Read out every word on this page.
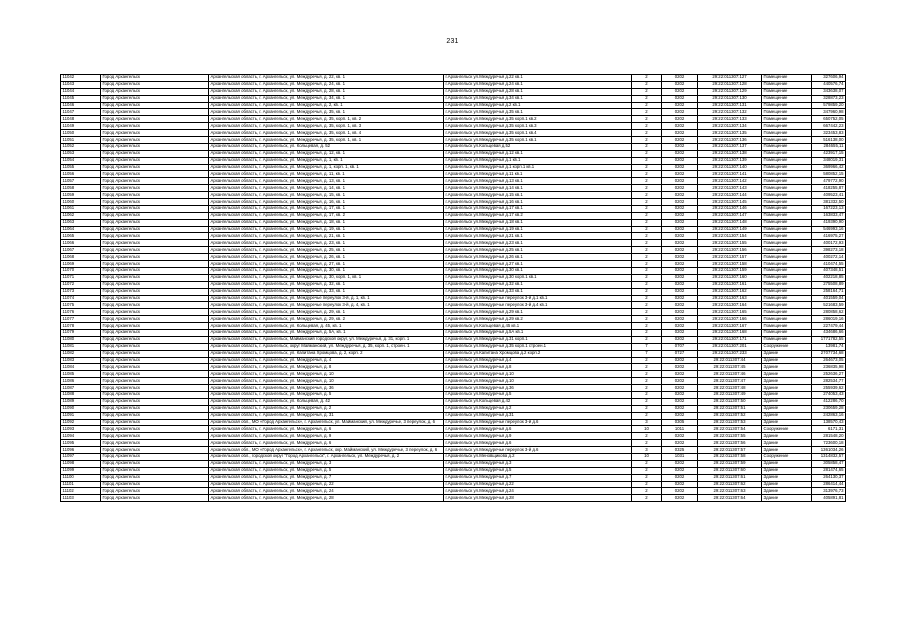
231
11042	Город Архангельск	Архангельская область, г. Архангельск, ул. Междуречья, д. 22, кв. 1	г.Архангельск ул.Междуречья д.22 кв.1	2	0202	29:22:011307:127	Помещение	327606,94
11043	Город Архангельск	Архангельская область, г. Архангельск, ул. Междуречья, д. 24, кв. 1	г.Архангельск ул.Междуречья д.24 кв.1	2	0202	29:22:011307:128	Помещение	440576,74
11044	Город Архангельск	Архангельская область, г. Архангельск, ул. Междуречья, д. 28, кв. 1	г.Архангельск ул.Междуречья д.28 кв.1	2	0202	29:22:011307:129	Помещение	343638,07
11045	Город Архангельск	Архангельская область, г. Архангельск, ул. Междуречья, д. 34, кв. 1	г.Архангельск ул.Междуречья д.34 кв.1	2	0202	29:22:011307:130	Помещение	328873,23
11046	Город Архангельск	Архангельская область, г. Архангельск, ул. Междуречья, д. 2, кв. 1	г.Архангельск ул.Междуречья д.2 кв.1	2	0202	29:22:011307:131	Помещение	579859,20
11047	Город Архангельск	Архангельская область, г. Архангельск, ул. Междуречья, д. 35, кв. 1	г.Архангельск ул.Междуречья д.35 кв.1	2	0202	29:22:011307:132	Помещение	347960,98
11048	Город Архангельск	Архангельская область, г. Архангельск, ул. Междуречья, д. 35, корп. 1, кв. 2	г.Архангельск ул.Междуречья д.35 корп.1 кв.2	2	0202	29:22:011307:133	Помещение	650752,05
11049	Город Архангельск	Архангельская область, г. Архангельск, ул. Междуречья, д. 35, корп. 1, кв. 3	г.Архангельск ул.Междуречья д.35 корп.1 кв.3	2	0202	29:22:011307:134	Помещение	667442,23
11050	Город Архангельск	Архангельская область, г. Архангельск, ул. Междуречья, д. 35, корп. 1, кв. 4	г.Архангельск ул.Междуречья д.35 корп.1 кв.4	2	0202	29:22:011307:135	Помещение	323453,83
11051	Город Архангельск	Архангельская область, г. Архангельск, ул. Междуречья, д. 35, корп. 1, кв. 1	г.Архангельск ул.Междуречья д.35 корп.1 кв.1	2	0202	29:22:011307:136	Помещение	516138,00
11052	Город Архангельск	Архангельская область, г. Архангельск, ул. Кольцевая, д. 52	г.Архангельск ул.Кольцевая д.52	2	0202	29:22:011307:137	Помещение	284655,11
11053	Город Архангельск	Архангельская область, г. Архангельск, ул. Междуречья, д. 12, кв. 1	г.Архангельск ул.Междуречья д.12 кв.1	2	0202	29:22:011307:138	Помещение	423917,15
11054	Город Архангельск	Архангельская область, г. Архангельск, ул. Междуречья, д. 1, кв. 1	г.Архангельск ул.Междуречья д.1 кв.1	2	0202	29:22:011307:139	Помещение	348019,31
11055	Город Архангельск	Архангельская область, г. Архангельск, ул. Междуречья, д. 1, корп. 1, кв. 1	г.Архангельск ул.Междуречья д.1 корп.1 кв.1	2	0202	29:22:011307:140	Помещение	369966,42
11056	Город Архангельск	Архангельская область, г. Архангельск, ул. Междуречья, д. 11, кв. 1	г.Архангельск ул.Междуречья д.11 кв.1	2	0202	29:22:011307:141	Помещение	580852,15
11057	Город Архангельск	Архангельская область, г. Архангельск, ул. Междуречья, д. 13, кв. 1	г.Архангельск ул.Междуречья д.13 кв.1	2	0202	29:22:011307:142	Помещение	479772,90
11058	Город Архангельск	Архангельская область, г. Архангельск, ул. Междуречья, д. 14, кв. 1	г.Архангельск ул.Междуречья д.14 кв.1	2	0202	29:22:011307:143	Помещение	418255,87
11059	Город Архангельск	Архангельская область, г. Архангельск, ул. Междуречья, д. 15, кв. 1	г.Архангельск ул.Междуречья д.15 кв.1	2	0202	29:22:011307:144	Помещение	409523,41
11060	Город Архангельск	Архангельская область, г. Архангельск, ул. Междуречья, д. 16, кв. 1	г.Архангельск ул.Междуречья д.16 кв.1	2	0202	29:22:011307:145	Помещение	381332,50
11061	Город Архангельск	Архангельская область, г. Архангельск, ул. Междуречья, д. 17, кв. 1	г.Архангельск ул.Междуречья д.17 кв.1	2	0202	29:22:011307:146	Помещение	167223,13
11062	Город Архангельск	Архангельская область, г. Архангельск, ул. Междуречья, д. 17, кв. 2	г.Архангельск ул.Междуречья д.17 кв.2	2	0202	29:22:011307:147	Помещение	163833,47
11063	Город Архангельск	Архангельская область, г. Архангельск, ул. Междуречья, д. 18, кв. 1	г.Архангельск ул.Междуречья д.18 кв.1	2	0202	29:22:011307:148	Помещение	419390,90
11064	Город Архангельск	Архангельская область, г. Архангельск, ул. Междуречья, д. 19, кв. 1	г.Архангельск ул.Междуречья д.19 кв.1	2	0202	29:22:011307:149	Помещение	546993,16
11065	Город Архангельск	Архангельская область, г. Архангельск, ул. Междуречья, д. 21, кв. 1	г.Архангельск ул.Междуречья д.21 кв.1	2	0202	29:22:011307:154	Помещение	416975,27
11066	Город Архангельск	Архангельская область, г. Архангельск, ул. Междуречья, д. 23, кв. 1	г.Архангельск ул.Междуречья д.23 кв.1	2	0202	29:22:011307:155	Помещение	400172,93
11067	Город Архангельск	Архангельская область, г. Архангельск, ул. Междуречья, д. 25, кв. 1	г.Архангельск ул.Междуречья д.25 кв.1	2	0202	29:22:011307:156	Помещение	398273,18
11068	Город Архангельск	Архангельская область, г. Архангельск, ул. Междуречья, д. 26, кв. 1	г.Архангельск ул.Междуречья д.26 кв.1	2	0202	29:22:011307:157	Помещение	400272,14
11069	Город Архангельск	Архангельская область, г. Архангельск, ул. Междуречья, д. 27, кв. 1	г.Архангельск ул.Междуречья д.27 кв.1	2	0202	29:22:011307:158	Помещение	410474,55
11070	Город Архангельск	Архангельская область, г. Архангельск, ул. Междуречья, д. 30, кв. 1	г.Архангельск ул.Междуречья д.30 кв.1	2	0202	29:22:011307:159	Помещение	407348,51
11071	Город Архангельск	Архангельская область, г. Архангельск, ул. Междуречья, д. 30, корп. 1, кв. 1	г.Архангельск ул.Междуречья д.30 корп.1 кв.1	2	0202	29:22:011307:160	Помещение	402218,85
11072	Город Архангельск	Архангельская область, г. Архангельск, ул. Междуречья, д. 32, кв. 1	г.Архангельск ул.Междуречья д.32 кв.1	2	0202	29:22:011307:161	Помещение	275508,89
11073	Город Архангельск	Архангельская область, г. Архангельск, ул. Междуречья, д. 33, кв. 1	г.Архангельск ул.Междуречья д.33 кв.1	2	0202	29:22:011307:162	Помещение	258164,71
11074	Город Архангельск	Архангельская область, г. Архангельск, ул. Междуречье переулок 3-й, д. 1, кв. 1	г.Архангельск ул.Междуречье переулок 3-й д.1 кв.1	2	0202	29:22:011307:163	Помещение	401559,04
11075	Город Архангельск	Архангельская область, г. Архангельск, ул. Междуречье переулок 3-й, д. 4, кв. 1	г.Архангельск ул.Междуречье переулок 3-й д.4 кв.1	2	0202	29:22:011307:164	Помещение	521683,59
11076	Город Архангельск	Архангельская область, г. Архангельск, ул. Междуречья, д. 29, кв. 1	г.Архангельск ул.Междуречья д.29 кв.1	2	0202	29:22:011307:165	Помещение	280858,62
11077	Город Архангельск	Архангельская область, г. Архангельск, ул. Междуречья, д. 29, кв. 2	г.Архангельск ул.Междуречья д.29 кв.2	2	0202	29:22:011307:166	Помещение	286019,16
11078	Город Архангельск	Архангельская область, г. Архангельск, ул. Кольцевая, д. 45, кв. 1	г.Архангельск ул.Кольцевая д.45 кв.1	2	0202	29:22:011307:167	Помещение	227479,44
11079	Город Архангельск	Архангельская область, г. Архангельск, ул. Междуречья, д. 5А, кв. 1	г.Архангельск ул.Междуречья д.5А кв.1	2	0202	29:22:011307:168	Помещение	434686,66
11080	Город Архангельск	Архангельская область, г. Архангельск, Майманский городской округ, ул. Междуречья, д. 31, корп. 1	г.Архангельск ул.Междуречья д.31 корп.1	2	0202	29:22:011307:171	Помещение	1771782,55
11081	Город Архангельск	Архангельская область, г. Архангельск, округ Майманский, ул. Междуречья, д. 35, корп. 1, строен. 1	г.Архангельск ул.Междуречья д.35 корп.1 строен.1	7	0707	29:22:011307:201	Сооружение	13981,74
11082	Город Архангельск	Архангельская область, г. Архангельск, ул. Капитана Хромцова, д. 2, корп. 2	г.Архангельск ул.Капитана Хромцова д.2 корп.2	7	0727	29:22:011307:233	Здание	2707734,68
11083	Город Архангельск	Архангельская область, г. Архангельск, ул. Междуречья, д. 4	г.Архангельск ул.Междуречья д.4	2	0202	29:22:011307:44	Здание	264673,05
11084	Город Архангельск	Архангельская область, г. Архангельск, ул. Междуречья, д. 8	г.Архангельск ул.Междуречья д.8	2	0202	29:22:011307:45	Здание	236835,98
11085	Город Архангельск	Архангельская область, г. Архангельск, ул. Междуречья, д. 10	г.Архангельск ул.Междуречья д.10	2	0202	29:22:011307:46	Здание	252636,27
11086	Город Архангельск	Архангельская область, г. Архангельск, ул. Междуречья, д. 10	г.Архангельск ул.Междуречья д.10	2	0202	29:22:011307:47	Здание	282534,77
11087	Город Архангельск	Архангельская область, г. Архангельск, ул. Междуречья, д. 36	г.Архангельск ул.Междуречья д.36	2	0202	29:22:011307:48	Здание	255939,62
11088	Город Архангельск	Архангельская область, г. Архангельск, ул. Междуречья, д. 5	г.Архангельск ул.Междуречья д.5	2	0202	29:22:011307:49	Здание	274053,43
11089	Город Архангельск	Архангельская область, г. Архангельск, ул. Кольцевая, д. 42	г.Архангельск ул.Кольцевая д.42	2	0202	29:22:011307:50	Здание	412286,70
11090	Город Архангельск	Архангельская область, г. Архангельск, ул. Междуречья, д. 2	г.Архангельск ул.Междуречья д.2	2	0202	29:22:011307:51	Здание	230659,28
11091	Город Архангельск	Архангельская область, г. Архангельск, ул. Междуречья, д. 31	г.Архангельск ул.Междуречья д.31	2	0202	29:22:011307:52	Здание	242863,16
11092	Город Архангельск	Архангельская обл., МО «Город Архангельск», г. Архангельск, ул. Майманский, ул. Междуречье, 3 переулок, д. 6	г.Архангельск ул.Междуречье переулок 3-й д.6	3	0305	29:22:011307:53	Здание	138570,43
11093	Город Архангельск	Архангельская область, г. Архангельск, ул. Междуречья, д. 6	г.Архангельск ул.Междуречья д.6	10	1011	29:22:011307:54	Сооружение	6171,31
11094	Город Архангельск	Архангельская область, г. Архангельск, ул. Междуречья, д. 9	г.Архангельск ул.Междуречья д.9	2	0202	29:22:011307:55	Здание	281548,20
11095	Город Архангельск	Архангельская область, г. Архангельск, ул. Междуречья, д. 6	г.Архангельск ул.Междуречья д.6	2	0202	29:22:011307:56	Здание	723600,18
11096	Город Архангельск	Архангельская обл., МО «Город Архангельск», г. Архангельск, окр. Майманский, ул. Междуречье, 3 переулок, д. 6	г.Архангельск ул.Междуречье переулок 3-й д.6	3	0325	29:22:011307:57	Здание	1361034,26
11097	Город Архангельск	Архангельская обл., городской округ "Город Архангельск", г. Архангельск, ул. Междуречья, д. 2	г.Архангельск ул.Меновщикова д.2	10	1031	29:22:011307:58	Сооружение	1314832,57
11098	Город Архангельск	Архангельская область, г. Архангельск, ул. Междуречья, д. 3	г.Архангельск ул.Междуречья д.3	2	0202	29:22:011307:59	Здание	305858,47
11099	Город Архангельск	Архангельская область, г. Архангельск, ул. Междуречья, д. 5	г.Архангельск ул.Междуречья д.5	2	0202	29:22:011307:60	Здание	281474,65
11100	Город Архангельск	Архангельская область, г. Архангельск, ул. Междуречья, д. 7	г.Архангельск ул.Междуречья д.7	2	0202	29:22:011307:61	Здание	264130,37
11101	Город Архангельск	Архангельская область, г. Архангельск, ул. Междуречья, д. 22	г.Архангельск ул.Междуречья д.22	2	0202	29:22:011307:62	Здание	286414,44
11102	Город Архангельск	Архангельская область, г. Архангельск, ул. Междуречья, д. 24	г.Архангельск ул.Междуречья д.24	2	0202	29:22:011307:63	Здание	313976,73
11103	Город Архангельск	Архангельская область, г. Архангельск, ул. Междуречья, д. 28	г.Архангельск ул.Междуречья д.28	2	0202	29:22:011307:64	Здание	405891,81
